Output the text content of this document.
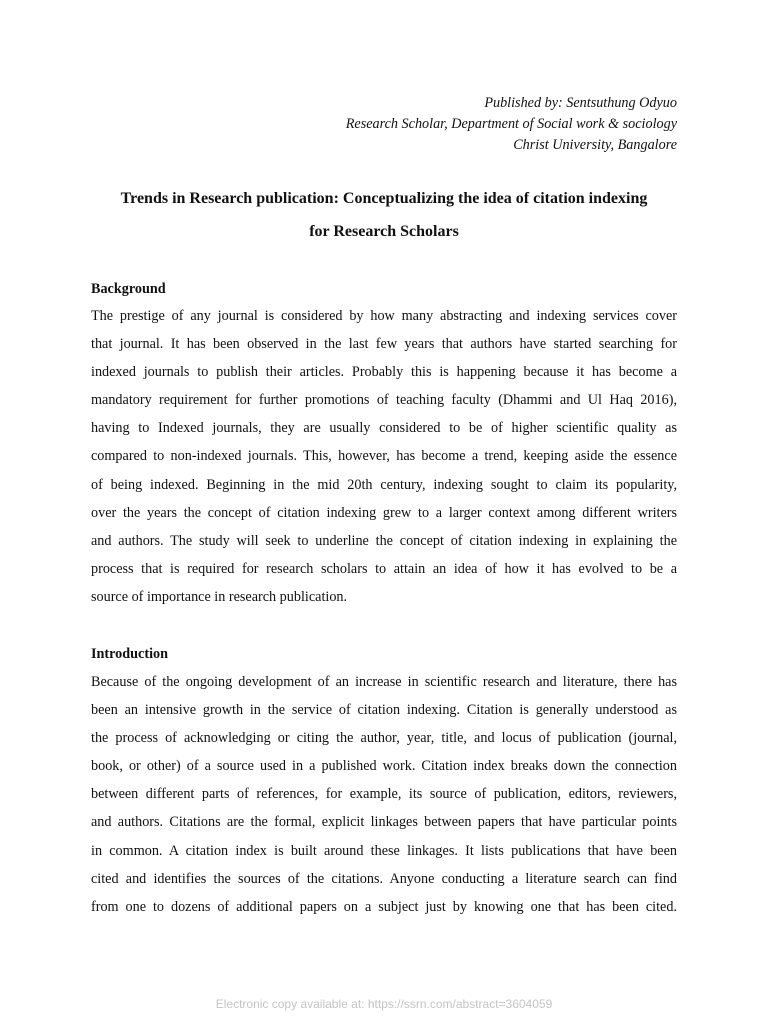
Published by: Sentsuthung Odyuo
Research Scholar, Department of Social work & sociology
Christ University, Bangalore
Trends in Research publication: Conceptualizing the idea of citation indexing
for Research Scholars
Background
The prestige of any journal is considered by how many abstracting and indexing services cover
that journal. It has been observed in the last few years that authors have started searching for
indexed journals to publish their articles. Probably this is happening because it has become a
mandatory requirement for further promotions of teaching faculty (Dhammi and Ul Haq 2016),
having to Indexed journals, they are usually considered to be of higher scientific quality as
compared to non-indexed journals. This, however, has become a trend, keeping aside the essence
of being indexed. Beginning in the mid 20th century, indexing sought to claim its popularity,
over the years the concept of citation indexing grew to a larger context among different writers
and authors. The study will seek to underline the concept of citation indexing in explaining the
process that is required for research scholars to attain an idea of how it has evolved to be a
source of importance in research publication.
Introduction
Because of the ongoing development of an increase in scientific research and literature, there has
been an intensive growth in the service of citation indexing. Citation is generally understood as
the process of acknowledging or citing the author, year, title, and locus of publication (journal,
book, or other) of a source used in a published work. Citation index breaks down the connection
between different parts of references, for example, its source of publication, editors, reviewers,
and authors. Citations are the formal, explicit linkages between papers that have particular points
in common. A citation index is built around these linkages. It lists publications that have been
cited and identifies the sources of the citations. Anyone conducting a literature search can find
from one to dozens of additional papers on a subject just by knowing one that has been cited.
Electronic copy available at: https://ssrn.com/abstract=3604059
